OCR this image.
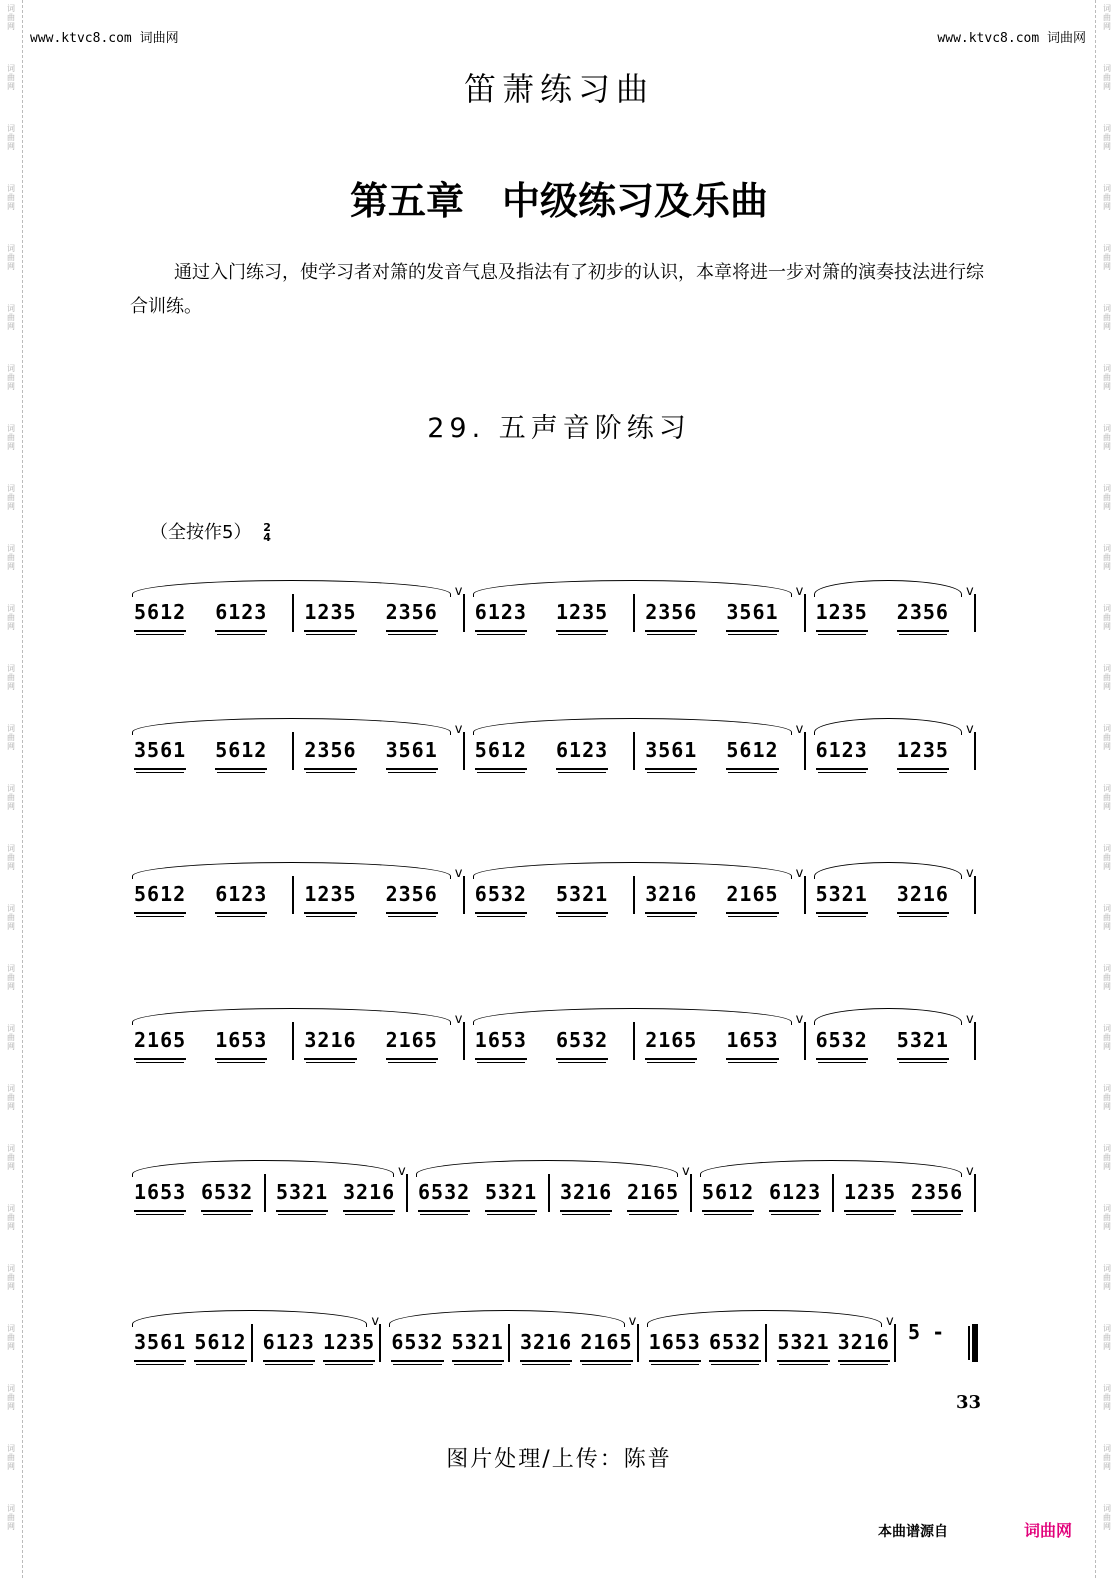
词
曲
网
词
曲
网
词
曲
网
词
曲
网
词
曲
网
词
曲
网
词
曲
网
词
曲
网
词
曲
网
词
曲
网
词
曲
网
词
曲
网
词
曲
网
词
曲
网
词
曲
网
词
曲
网
词
曲
网
词
曲
网
词
曲
网
词
曲
网
词
曲
网
词
曲
网
词
曲
网
词
曲
网
词
曲
网
词
曲
网
词
曲
网
词
曲
网
词
曲
网
词
曲
网
词
曲
网
词
曲
网
词
曲
网
词
曲
网
词
曲
网
词
曲
网
词
曲
网
词
曲
网
词
曲
网
词
曲
网
词
曲
网
词
曲
网
词
曲
网
词
曲
网
词
曲
网
词
曲
网
词
曲
网
词
曲
网
词
曲
网
词
曲
网
词
曲
网
词
曲
网
www.ktvc8.com 词曲网	www.ktvc8.com 词曲网
笛萧练习曲
第五章　中级练习及乐曲
通过入门练习，使学习者对箫的发音气息及指法有了初步的认识，本章将进一步对箫的演奏技法进行综合训练。
29. 五声音阶练习
（全按作5） 2
4
5612 6123
v
1235 2356 6123 1235
v
2356 3561 1235 2356
v
3561 5612
v
2356 3561 5612 6123
v
3561 5612 6123 1235
v
5612 6123
v
1235 2356 6532 5321
v
3216 2165 5321 3216
v
2165 1653
v
3216 2165 1653 6532
v
2165 1653 6532 5321
v
1653 6532
v
5321 3216 6532 5321
v
3216 2165 5612 6123
v
1235 2356
3561 5612
v
6123 1235 6532 5321
v
3216 2165 1653 6532
v
5321 3216 5 -
33
图片处理/上传：陈普
本曲谱源自	词曲网
